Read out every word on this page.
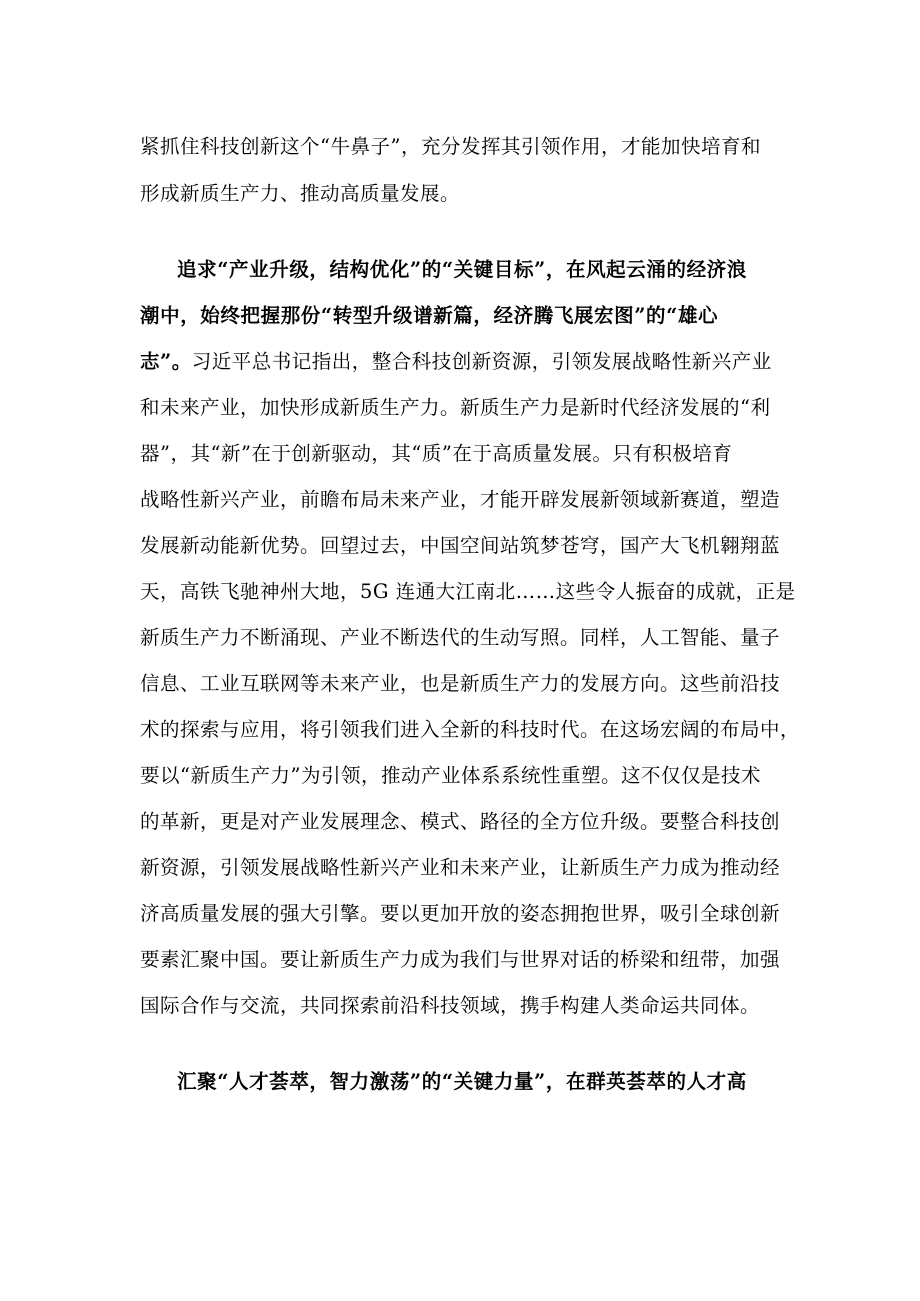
紧抓住科技创新这个“牛鼻子”，充分发挥其引领作用，才能加快培育和
形成新质生产力、推动高质量发展。
追求“产业升级，结构优化”的“关键目标”，在风起云涌的经济浪
潮中，始终把握那份“转型升级谱新篇，经济腾飞展宏图”的“雄心
志”。习近平总书记指出，整合科技创新资源，引领发展战略性新兴产业
和未来产业，加快形成新质生产力。新质生产力是新时代经济发展的“利
器”，其“新”在于创新驱动，其“质”在于高质量发展。只有积极培育
战略性新兴产业，前瞻布局未来产业，才能开辟发展新领域新赛道，塑造
发展新动能新优势。回望过去，中国空间站筑梦苍穹，国产大飞机翱翔蓝
天，高铁飞驰神州大地，5G 连通大江南北……这些令人振奋的成就，正是
新质生产力不断涌现、产业不断迭代的生动写照。同样，人工智能、量子
信息、工业互联网等未来产业，也是新质生产力的发展方向。这些前沿技
术的探索与应用，将引领我们进入全新的科技时代。在这场宏阔的布局中，
要以“新质生产力”为引领，推动产业体系系统性重塑。这不仅仅是技术
的革新，更是对产业发展理念、模式、路径的全方位升级。要整合科技创
新资源，引领发展战略性新兴产业和未来产业，让新质生产力成为推动经
济高质量发展的强大引擎。要以更加开放的姿态拥抱世界，吸引全球创新
要素汇聚中国。要让新质生产力成为我们与世界对话的桥梁和纽带，加强
国际合作与交流，共同探索前沿科技领域，携手构建人类命运共同体。
汇聚“人才荟萃，智力激荡”的“关键力量”，在群英荟萃的人才高
